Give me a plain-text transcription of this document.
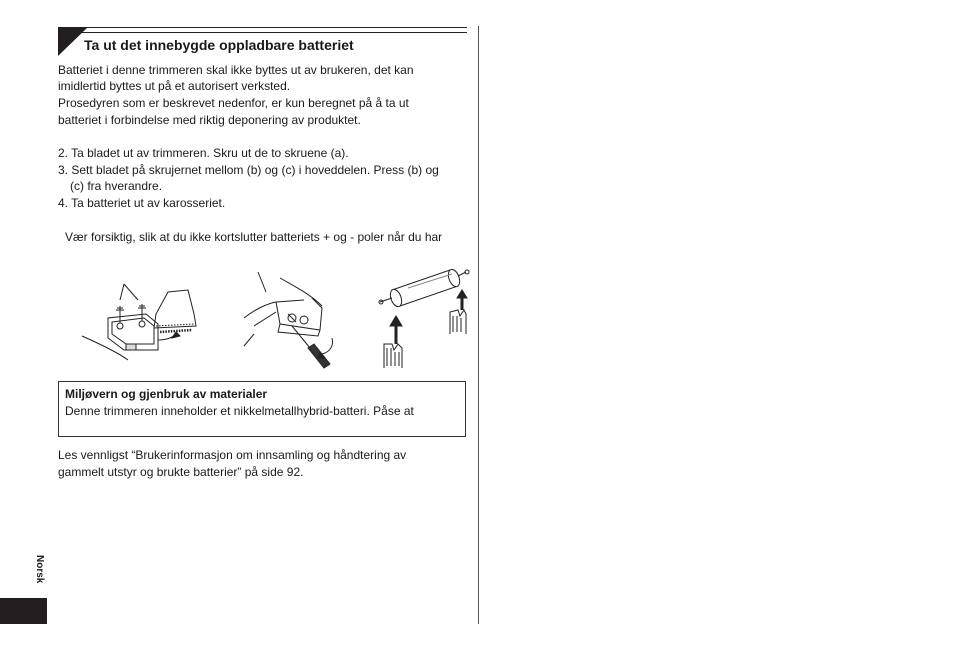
Ta ut det innebygde oppladbare batteriet
Batteriet i denne trimmeren skal ikke byttes ut av brukeren, det kan
imidlertid byttes ut på et autorisert verksted.
Prosedyren som er beskrevet nedenfor, er kun beregnet på å ta ut
batteriet i forbindelse med riktig deponering av produktet.
2. Ta bladet ut av trimmeren. Skru ut de to skruene (a).
3. Sett bladet på skrujernet mellom (b) og (c) i hoveddelen. Press (b) og
(c) fra hverandre.
4. Ta batteriet ut av karosseriet.
Vær forsiktig, slik at du ikke kortslutter batteriets + og - poler når du har
Miljøvern og gjenbruk av materialer
Denne trimmeren inneholder et nikkelmetallhybrid-batteri. Påse at
Les vennligst “Brukerinformasjon om innsamling og håndtering av
gammelt utstyr og brukte batterier” på side 92.
Norsk
